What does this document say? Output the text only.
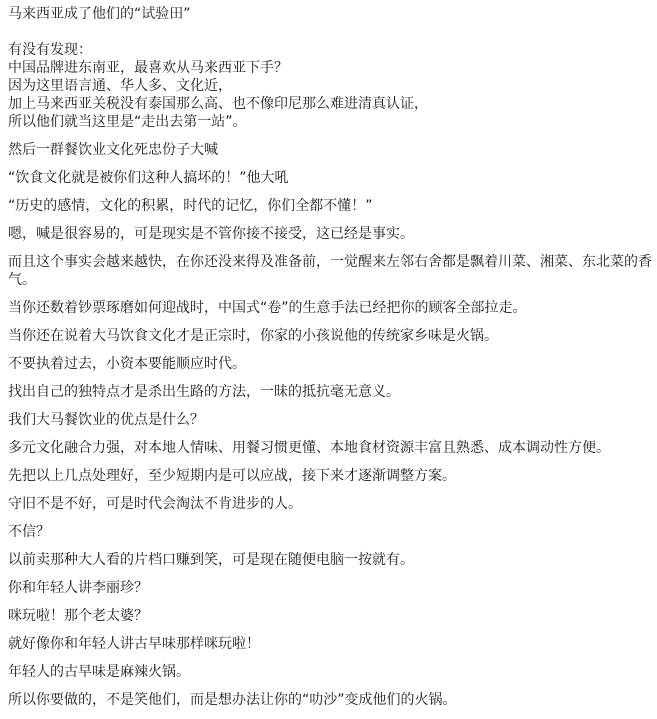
马来西亚成了他们的“试验田”
有没有发现：
中国品牌进东南亚，最喜欢从马来西亚下手？
因为这里语言通、华人多、文化近，
加上马来西亚关税没有泰国那么高、也不像印尼那么难进清真认证，
所以他们就当这里是“走出去第一站”。
然后一群餐饮业文化死忠份子大喊
“饮食文化就是被你们这种人搞坏的！”他大吼
“历史的感情，文化的积累，时代的记忆，你们全都不懂！”
嗯，喊是很容易的，可是现实是不管你接不接受，这已经是事实。
而且这个事实会越来越快，在你还没来得及准备前，一觉醒来左邻右舍都是飘着川菜、湘菜、东北菜的香气。
当你还数着钞票琢磨如何迎战时，中国式“卷”的生意手法已经把你的顾客全部拉走。
当你还在说着大马饮食文化才是正宗时，你家的小孩说他的传统家乡味是火锅。
不要执着过去，小资本要能顺应时代。
找出自己的独特点才是杀出生路的方法，一昧的抵抗毫无意义。
我们大马餐饮业的优点是什么？
多元文化融合力强，对本地人情味、用餐习惯更懂、本地食材资源丰富且熟悉、成本调动性方便。
先把以上几点处理好，至少短期内是可以应战，接下来才逐渐调整方案。
守旧不是不好，可是时代会淘汰不肯进步的人。
不信？
以前卖那种大人看的片档口赚到笑，可是现在随便电脑一按就有。
你和年轻人讲李丽珍？
咪玩啦！那个老太婆？
就好像你和年轻人讲古早味那样咪玩啦！
年轻人的古早味是麻辣火锅。
所以你要做的，不是笑他们，而是想办法让你的“叻沙”变成他们的火锅。
